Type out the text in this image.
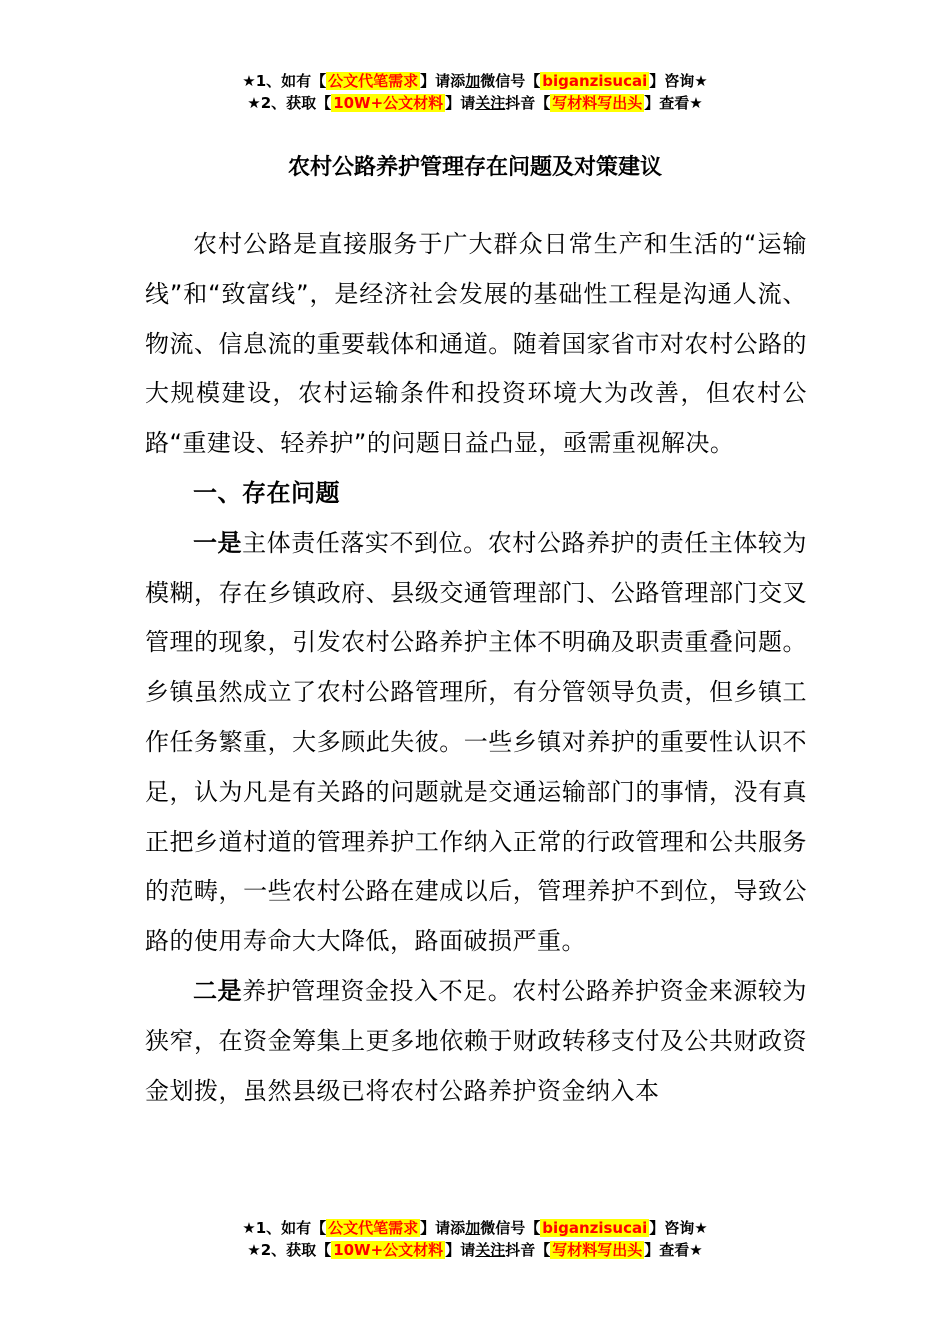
★1、如有【 公文代笔需求 】请添加微信号【 biganzisucai 】咨询★
★2、获取【 10W+公文材料 】请关注抖音【 写材料写出头 】查看★
农村公路养护管理存在问题及对策建议

农村公路是直接服务于广大群众日常生产和生活的“运输线”和“致富线”，是经济社会发展的基础性工程是沟通人流、物流、信息流的重要载体和通道。随着国家省市对农村公路的大规模建设，农村运输条件和投资环境大为改善，但农村公路“重建设、轻养护”的问题日益凸显，亟需重视解决。

一、存在问题

一是主体责任落实不到位。农村公路养护的责任主体较为模糊，存在乡镇政府、县级交通管理部门、公路管理部门交叉管理的现象，引发农村公路养护主体不明确及职责重叠问题。乡镇虽然成立了农村公路管理所，有分管领导负责，但乡镇工作任务繁重，大多顾此失彼。一些乡镇对养护的重要性认识不足，认为凡是有关路的问题就是交通运输部门的事情，没有真正把乡道村道的管理养护工作纳入正常的行政管理和公共服务的范畴，一些农村公路在建成以后，管理养护不到位，导致公路的使用寿命大大降低，路面破损严重。

二是养护管理资金投入不足。农村公路养护资金来源较为狭窄，在资金筹集上更多地依赖于财政转移支付及公共财政资金划拨，虽然县级已将农村公路养护资金纳入本

★1、如有【 公文代笔需求 】请添加微信号【 biganzisucai 】咨询★
★2、获取【 10W+公文材料 】请关注抖音【 写材料写出头 】查看★
